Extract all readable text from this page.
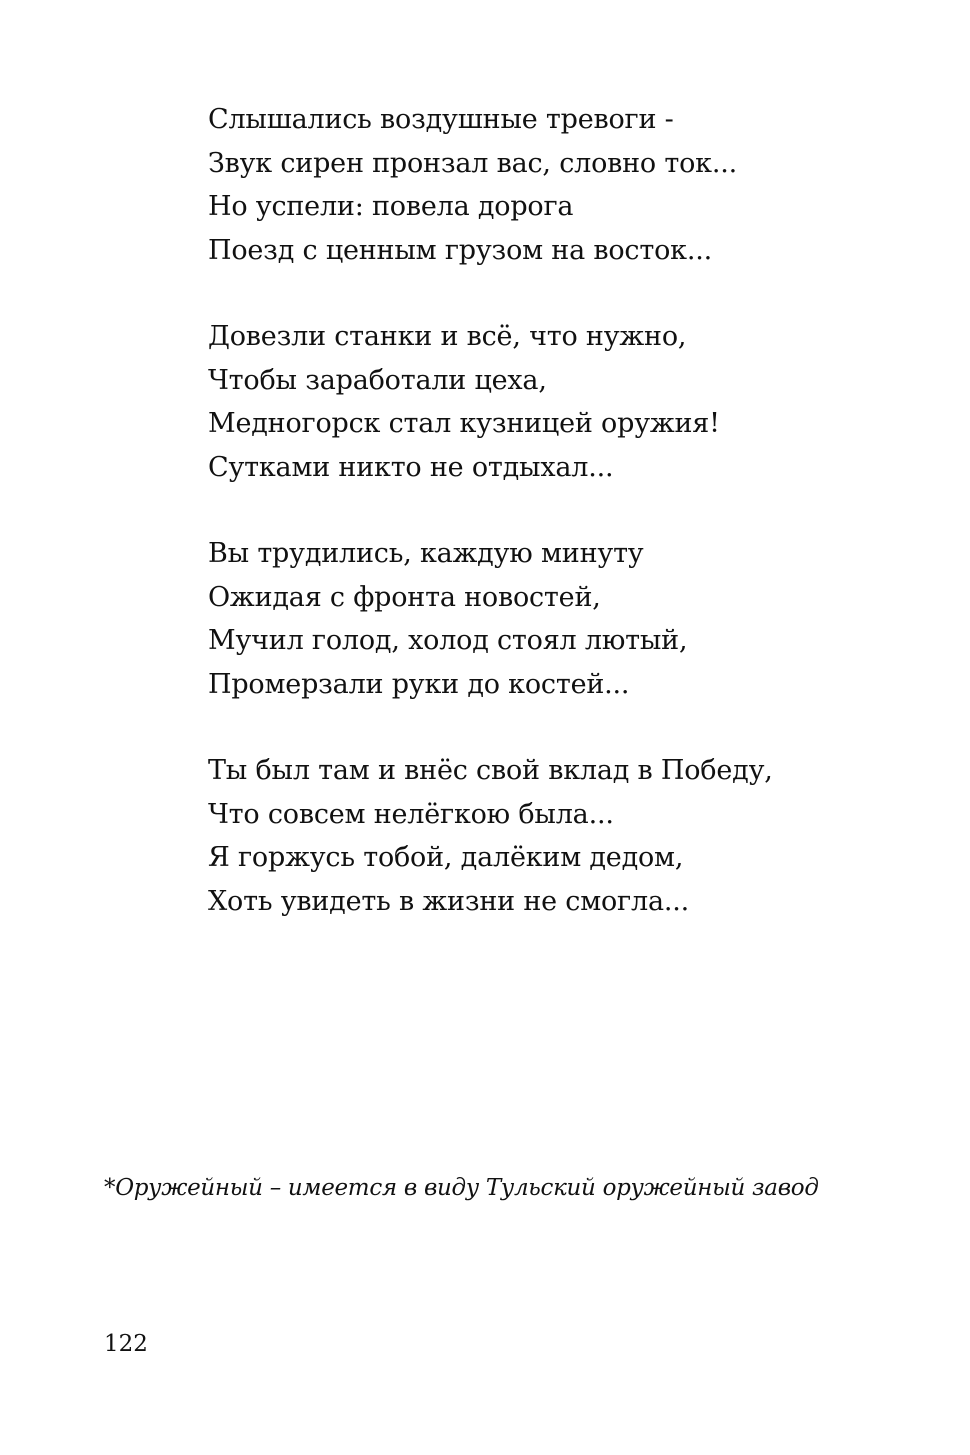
Слышались воздушные тревоги -
Звук сирен пронзал вас, словно ток...
Но успели: повела дорога
Поезд с ценным грузом на восток...
Довезли станки и всё, что нужно,
Чтобы заработали цеха,
Медногорск стал кузницей оружия!
Сутками никто не отдыхал...
Вы трудились, каждую минуту
Ожидая с фронта новостей,
Мучил голод, холод стоял лютый,
Промерзали руки до костей...
Ты был там и внёс свой вклад в Победу,
Что совсем нелёгкою была...
Я горжусь тобой, далёким дедом,
Хоть увидеть в жизни не смогла...
*Оружейный – имеется в виду Тульский оружейный завод
122
